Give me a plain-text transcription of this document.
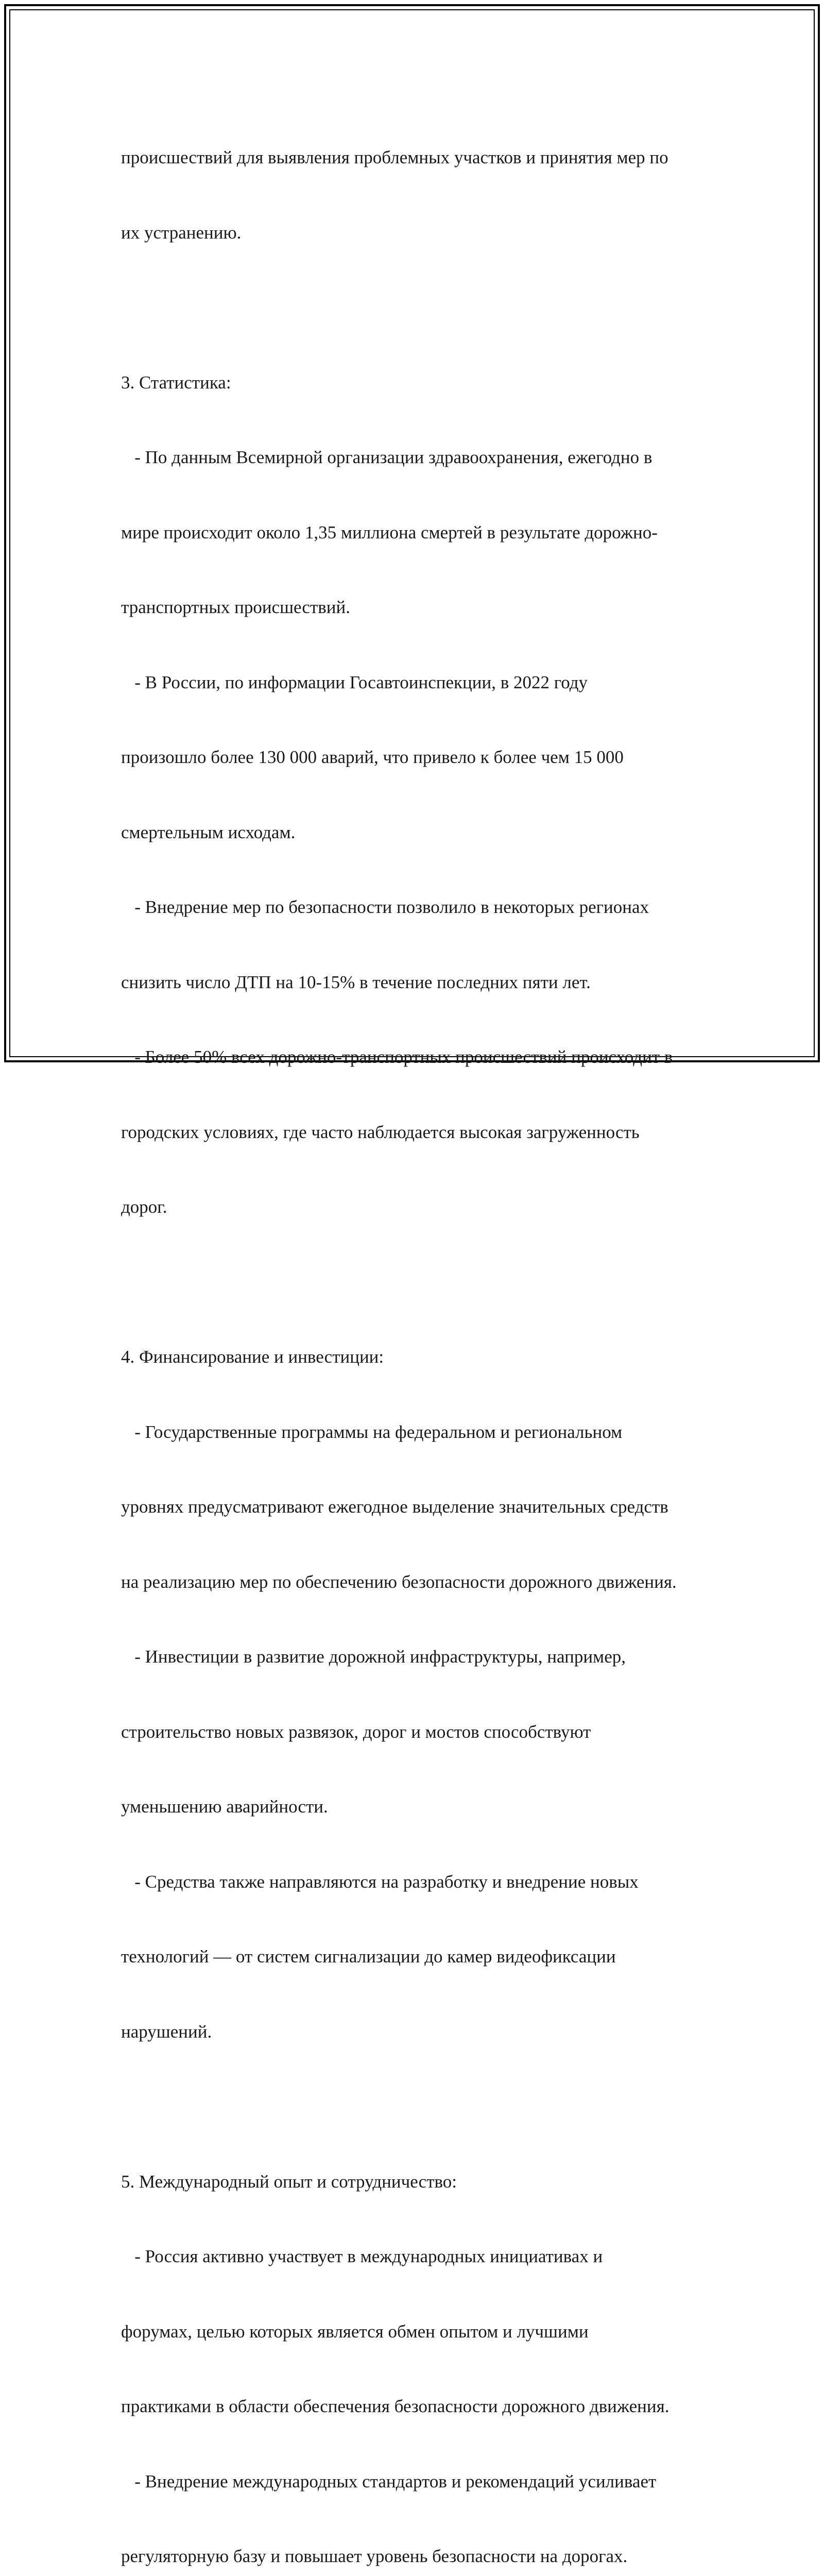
происшествий для выявления проблемных участков и принятия мер по

их устранению.

3. Статистика:

- По данным Всемирной организации здравоохранения, ежегодно в

мире происходит около 1,35 миллиона смертей в результате дорожно-

транспортных происшествий.

- В России, по информации Госавтоинспекции, в 2022 году

произошло более 130 000 аварий, что привело к более чем 15 000

смертельным исходам.

- Внедрение мер по безопасности позволило в некоторых регионах

снизить число ДТП на 10-15% в течение последних пяти лет.

- Более 50% всех дорожно-транспортных происшествий происходит в

городских условиях, где часто наблюдается высокая загруженность

дорог.

4. Финансирование и инвестиции:

- Государственные программы на федеральном и региональном

уровнях предусматривают ежегодное выделение значительных средств

на реализацию мер по обеспечению безопасности дорожного движения.

- Инвестиции в развитие дорожной инфраструктуры, например,

строительство новых развязок, дорог и мостов способствуют

уменьшению аварийности.

- Средства также направляются на разработку и внедрение новых

технологий — от систем сигнализации до камер видеофиксации

нарушений.

5. Международный опыт и сотрудничество:

- Россия активно участвует в международных инициативах и

форумах, целью которых является обмен опытом и лучшими

практиками в области обеспечения безопасности дорожного движения.

- Внедрение международных стандартов и рекомендаций усиливает

регуляторную базу и повышает уровень безопасности на дорогах.
